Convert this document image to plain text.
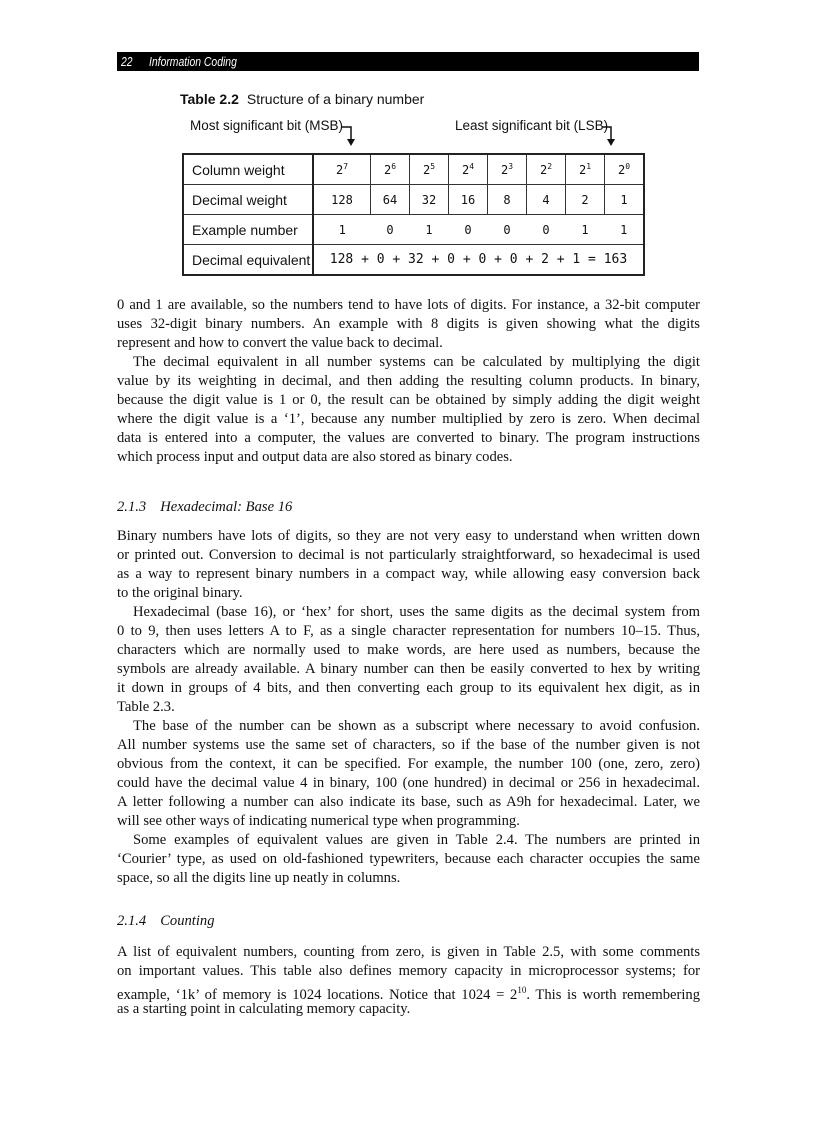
22 Information Coding
Table 2.2 Structure of a binary number
Most significant bit (MSB)	Least significant bit (LSB)
Column weight	$2^7$	$2^6$	$2^5$	$2^4$	$2^3$	$2^2$	$2^1$	$2^0$
Decimal weight	128	64	32	16	8	4	2	1
Example number	1	0	1	0	0	0	1	1
Decimal equivalent	128 + 0 + 32 + 0 + 0 + 0 + 2 + 1 = 163							
0 and 1 are available, so the numbers tend to have lots of digits. For instance, a 32-bit computer
uses 32-digit binary numbers. An example with 8 digits is given showing what the digits
represent and how to convert the value back to decimal.
The decimal equivalent in all number systems can be calculated by multiplying the digit
value by its weighting in decimal, and then adding the resulting column products. In binary,
because the digit value is 1 or 0, the result can be obtained by simply adding the digit weight
where the digit value is a ‘1’, because any number multiplied by zero is zero. When decimal
data is entered into a computer, the values are converted to binary. The program instructions
which process input and output data are also stored as binary codes.
2.1.3 Hexadecimal: Base 16
Binary numbers have lots of digits, so they are not very easy to understand when written down
or printed out. Conversion to decimal is not particularly straightforward, so hexadecimal is used
as a way to represent binary numbers in a compact way, while allowing easy conversion back
to the original binary.
Hexadecimal (base 16), or ‘hex’ for short, uses the same digits as the decimal system from
0 to 9, then uses letters A to F, as a single character representation for numbers 10–15. Thus,
characters which are normally used to make words, are here used as numbers, because the
symbols are already available. A binary number can then be easily converted to hex by writing
it down in groups of 4 bits, and then converting each group to its equivalent hex digit, as in
Table 2.3.
The base of the number can be shown as a subscript where necessary to avoid confusion.
All number systems use the same set of characters, so if the base of the number given is not
obvious from the context, it can be specified. For example, the number 100 (one, zero, zero)
could have the decimal value 4 in binary, 100 (one hundred) in decimal or 256 in hexadecimal.
A letter following a number can also indicate its base, such as A9h for hexadecimal. Later, we
will see other ways of indicating numerical type when programming.
Some examples of equivalent values are given in Table 2.4. The numbers are printed in
‘Courier’ type, as used on old-fashioned typewriters, because each character occupies the same
space, so all the digits line up neatly in columns.
2.1.4 Counting
A list of equivalent numbers, counting from zero, is given in Table 2.5, with some comments
on important values. This table also defines memory capacity in microprocessor systems; for
example, ‘1k’ of memory is 1024 locations. Notice that $1024 = 2^{10}$. This is worth remembering
as a starting point in calculating memory capacity.
